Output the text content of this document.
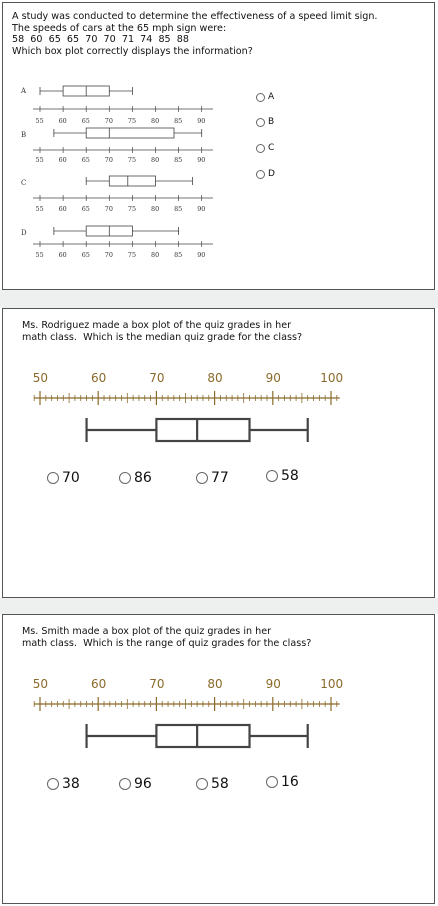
A study was conducted to determine the effectiveness of a speed limit sign.
The speeds of cars at the 65 mph sign were:
58  60  65  65  70  70  71  74  85  88
Which box plot correctly displays the information?
A
55 60 65 70 75 80 85 90
B
55 60 65 70 75 80 85 90
C
55 60 65 70 75 80 85 90
D
55 60 65 70 75 80 85 90
A
B
C
D
Ms. Rodriguez made a box plot of the quiz grades in her
math class.  Which is the median quiz grade for the class?
50	60	70	80	90	100
70	86	77	58
Ms. Smith made a box plot of the quiz grades in her
math class.  Which is the range of quiz grades for the class?
50	60	70	80	90	100
38	96	58	16
